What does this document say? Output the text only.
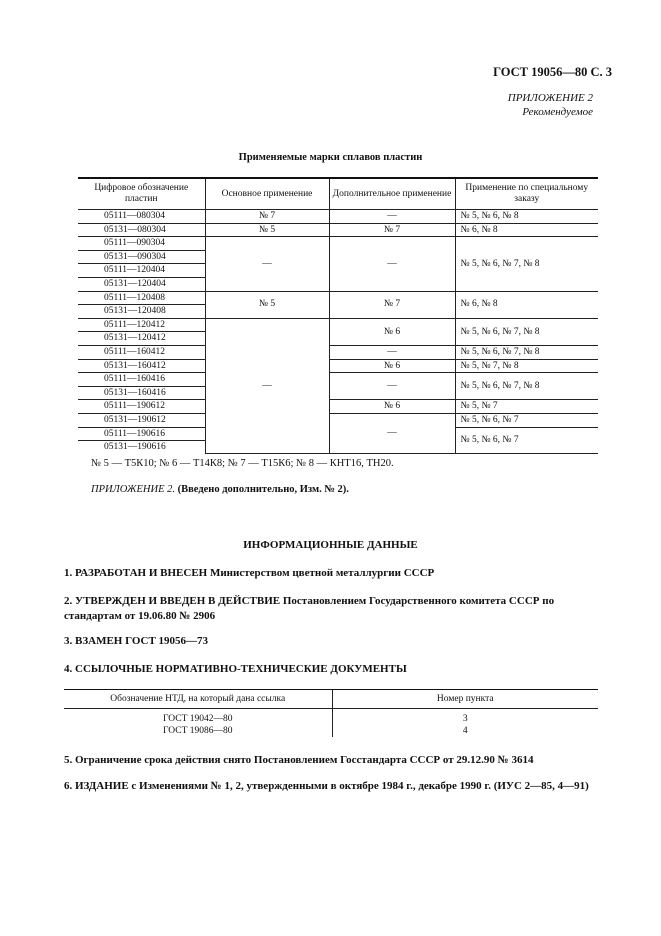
ГОСТ 19056—80 С. 3
ПРИЛОЖЕНИЕ 2
Рекомендуемое
Применяемые марки сплавов пластин
Цифровое обозначение пластин	Основное применение	Дополнительное применение	Применение по специальному заказу
05111—080304	№ 7	—	№ 5, № 6, № 8
05131—080304	№ 5	№ 7	№ 6, № 8
05111—090304	—	—	№ 5, № 6, № 7, № 8
05131—090304			
05111—120404			
05131—120404			
05111—120408	№ 5	№ 7	№ 6, № 8
05131—120408			
05111—120412	—	№ 6	№ 5, № 6, № 7, № 8
05131—120412			
05111—160412		—	№ 5, № 6, № 7, № 8
05131—160412		№ 6	№ 5, № 7, № 8
05111—160416		—	№ 5, № 6, № 7, № 8
05131—160416			
05111—190612		№ 6	№ 5, № 7
05131—190612		—	№ 5, № 6, № 7
05111—190616			№ 5, № 6, № 7
05131—190616			
№ 5 — Т5К10; № 6 — Т14К8; № 7 — Т15К6; № 8 — КНТ16, ТН20.
ПРИЛОЖЕНИЕ 2. (Введено дополнительно, Изм. № 2).
ИНФОРМАЦИОННЫЕ ДАННЫЕ
1. РАЗРАБОТАН И ВНЕСЕН Министерством цветной металлургии СССР
2. УТВЕРЖДЕН И ВВЕДЕН В ДЕЙСТВИЕ Постановлением Государственного комитета СССР по стандартам от 19.06.80 № 2906
3. ВЗАМЕН ГОСТ 19056—73
4. ССЫЛОЧНЫЕ НОРМАТИВНО-ТЕХНИЧЕСКИЕ ДОКУМЕНТЫ
Обозначение НТД, на который дана ссылка	Номер пункта
ГОСТ 19042—80	3
ГОСТ 19086—80	4
5. Ограничение срока действия снято Постановлением Госстандарта СССР от 29.12.90 № 3614
6. ИЗДАНИЕ с Изменениями № 1, 2, утвержденными в октябре 1984 г., декабре 1990 г. (ИУС 2—85, 4—91)
